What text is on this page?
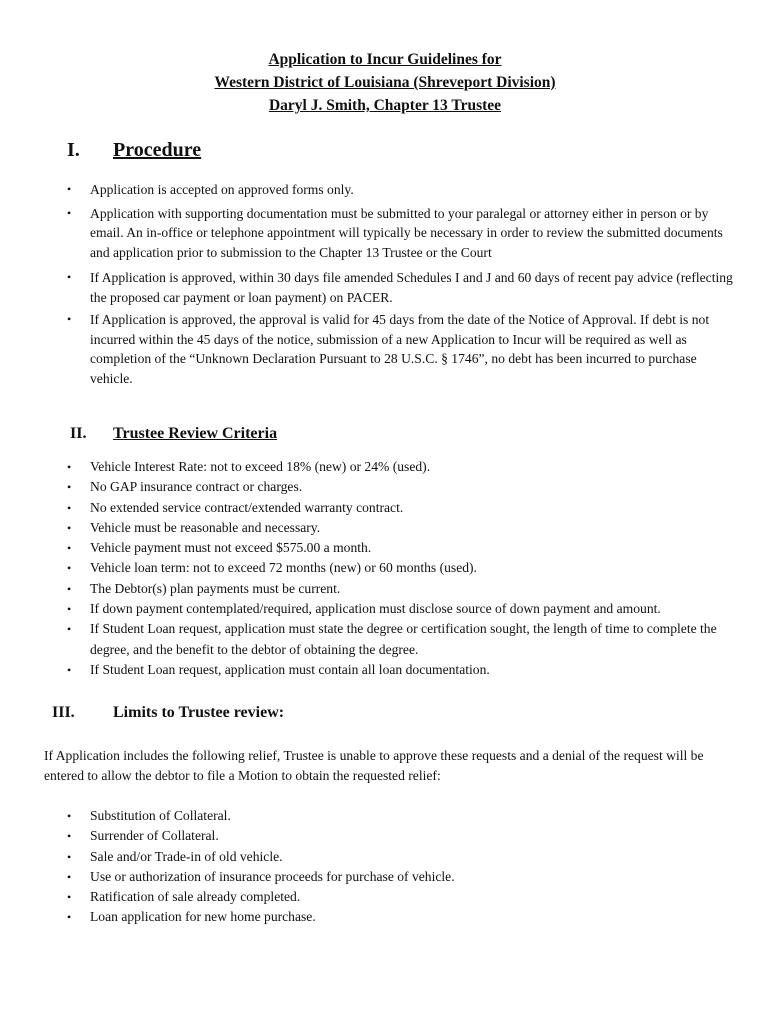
Application to Incur Guidelines for
Western District of Louisiana (Shreveport Division)
Daryl J. Smith, Chapter 13 Trustee
I. Procedure
• Application is accepted on approved forms only.
• Application with supporting documentation must be submitted to your paralegal or attorney either in person or by email. An in-office or telephone appointment will typically be necessary in order to review the submitted documents and application prior to submission to the Chapter 13 Trustee or the Court
• If Application is approved, within 30 days file amended Schedules I and J and 60 days of recent pay advice (reflecting the proposed car payment or loan payment) on PACER.
• If Application is approved, the approval is valid for 45 days from the date of the Notice of Approval. If debt is not incurred within the 45 days of the notice, submission of a new Application to Incur will be required as well as completion of the “Unknown Declaration Pursuant to 28 U.S.C. § 1746”, no debt has been incurred to purchase vehicle.
II. Trustee Review Criteria
• Vehicle Interest Rate: not to exceed 18% (new) or 24% (used).
• No GAP insurance contract or charges.
• No extended service contract/extended warranty contract.
• Vehicle must be reasonable and necessary.
• Vehicle payment must not exceed $575.00 a month.
• Vehicle loan term: not to exceed 72 months (new) or 60 months (used).
• The Debtor(s) plan payments must be current.
• If down payment contemplated/required, application must disclose source of down payment and amount.
• If Student Loan request, application must state the degree or certification sought, the length of time to complete the degree, and the benefit to the debtor of obtaining the degree.
• If Student Loan request, application must contain all loan documentation.
III. Limits to Trustee review:
If Application includes the following relief, Trustee is unable to approve these requests and a denial of the request will be entered to allow the debtor to file a Motion to obtain the requested relief:
• Substitution of Collateral.
• Surrender of Collateral.
• Sale and/or Trade-in of old vehicle.
• Use or authorization of insurance proceeds for purchase of vehicle.
• Ratification of sale already completed.
• Loan application for new home purchase.
